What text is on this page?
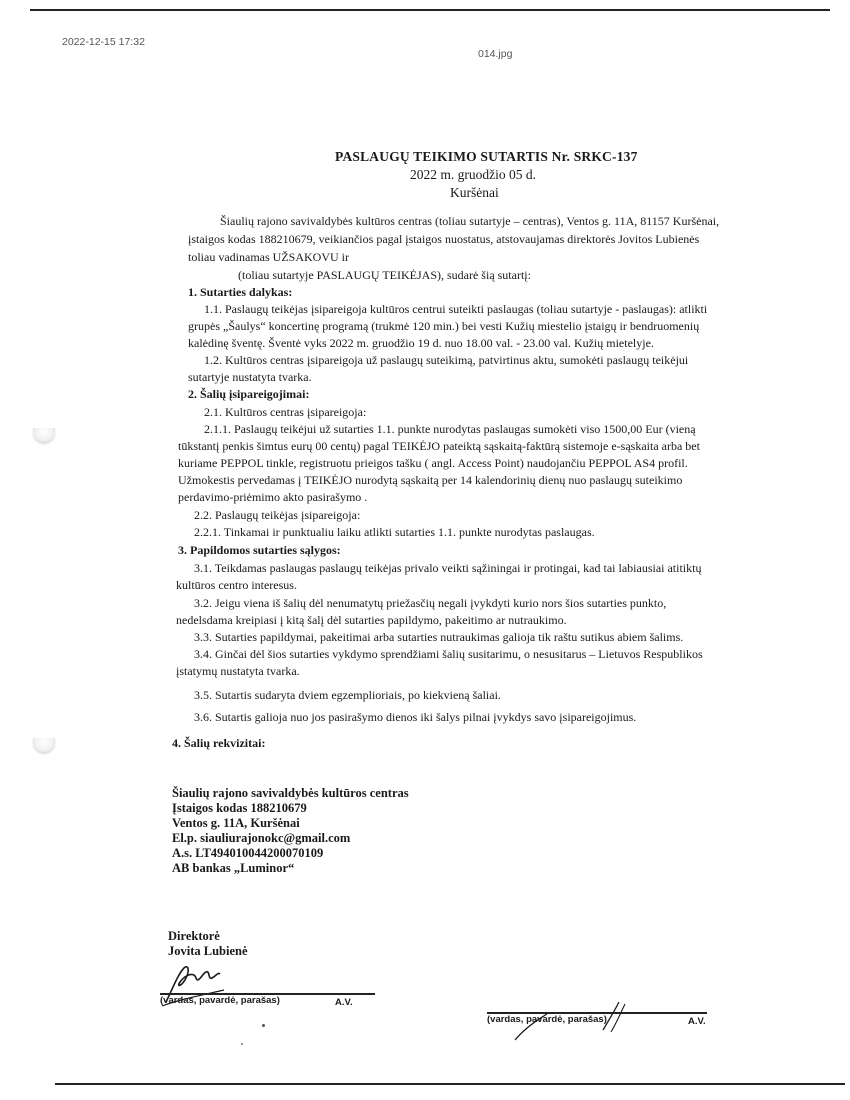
2022-12-15 17:32
014.jpg
PASLAUGŲ TEIKIMO SUTARTIS Nr. SRKC-137
2022 m. gruodžio 05 d.
Kuršėnai
Šiaulių rajono savivaldybės kultūros centras (toliau sutartyje – centras), Ventos g. 11A, 81157 Kuršėnai,
įstaigos kodas 188210679, veikiančios pagal įstaigos nuostatus, atstovaujamas direktorės Jovitos Lubienės
toliau vadinamas UŽSAKOVU ir
(toliau sutartyje PASLAUGŲ TEIKĖJAS), sudarė šią sutartį:
1. Sutarties dalykas:
1.1. Paslaugų teikėjas įsipareigoja kultūros centrui suteikti paslaugas (toliau sutartyje - paslaugas): atlikti
grupės „Šaulys“ koncertinę programą (trukmė 120 min.) bei vesti Kužių miestelio įstaigų ir bendruomenių
kalėdinę šventę. Šventė vyks 2022 m. gruodžio 19 d. nuo 18.00 val. - 23.00 val. Kužių mietelyje.
1.2. Kultūros centras įsipareigoja už paslaugų suteikimą, patvirtinus aktu, sumokėti paslaugų teikėjui
sutartyje nustatyta tvarka.
2. Šalių įsipareigojimai:
2.1. Kultūros centras įsipareigoja:
2.1.1. Paslaugų teikėjui už sutarties 1.1. punkte nurodytas paslaugas sumokėti viso 1500,00 Eur (vieną
tūkstantį penkis šimtus eurų 00 centų) pagal TEIKĖJO pateiktą sąskaitą-faktūrą sistemoje e-sąskaita arba bet
kuriame PEPPOL tinkle, registruotu prieigos tašku ( angl. Access Point) naudojančiu PEPPOL AS4 profil.
Užmokestis pervedamas į TEIKĖJO nurodytą sąskaitą per 14 kalendorinių dienų nuo paslaugų suteikimo
perdavimo-priėmimo akto pasirašymo .
2.2. Paslaugų teikėjas įsipareigoja:
2.2.1. Tinkamai ir punktualiu laiku atlikti sutarties 1.1. punkte nurodytas paslaugas.
3. Papildomos sutarties sąlygos:
3.1. Teikdamas paslaugas paslaugų teikėjas privalo veikti sąžiningai ir protingai, kad tai labiausiai atitiktų
kultūros centro interesus.
3.2. Jeigu viena iš šalių dėl nenumatytų priežasčių negali įvykdyti kurio nors šios sutarties punkto,
nedelsdama kreipiasi į kitą šalį dėl sutarties papildymo, pakeitimo ar nutraukimo.
3.3. Sutarties papildymai, pakeitimai arba sutarties nutraukimas galioja tik raštu sutikus abiem šalims.
3.4. Ginčai dėl šios sutarties vykdymo sprendžiami šalių susitarimu, o nesusitarus – Lietuvos Respublikos
įstatymų nustatyta tvarka.
3.5. Sutartis sudaryta dviem egzemplioriais, po kiekvieną šaliai.
3.6. Sutartis galioja nuo jos pasirašymo dienos iki šalys pilnai įvykdys savo įsipareigojimus.
4. Šalių rekvizitai:
Šiaulių rajono savivaldybės kultūros centras
Įstaigos kodas 188210679
Ventos g. 11A, Kuršėnai
El.p. siauliurajonokc@gmail.com
A.s. LT494010044200070109
AB bankas „Luminor“
Direktorė
Jovita Lubienė
(vardas, pavardė, parašas)	A.V.
(vardas, pavardė, parašas)	A.V.
